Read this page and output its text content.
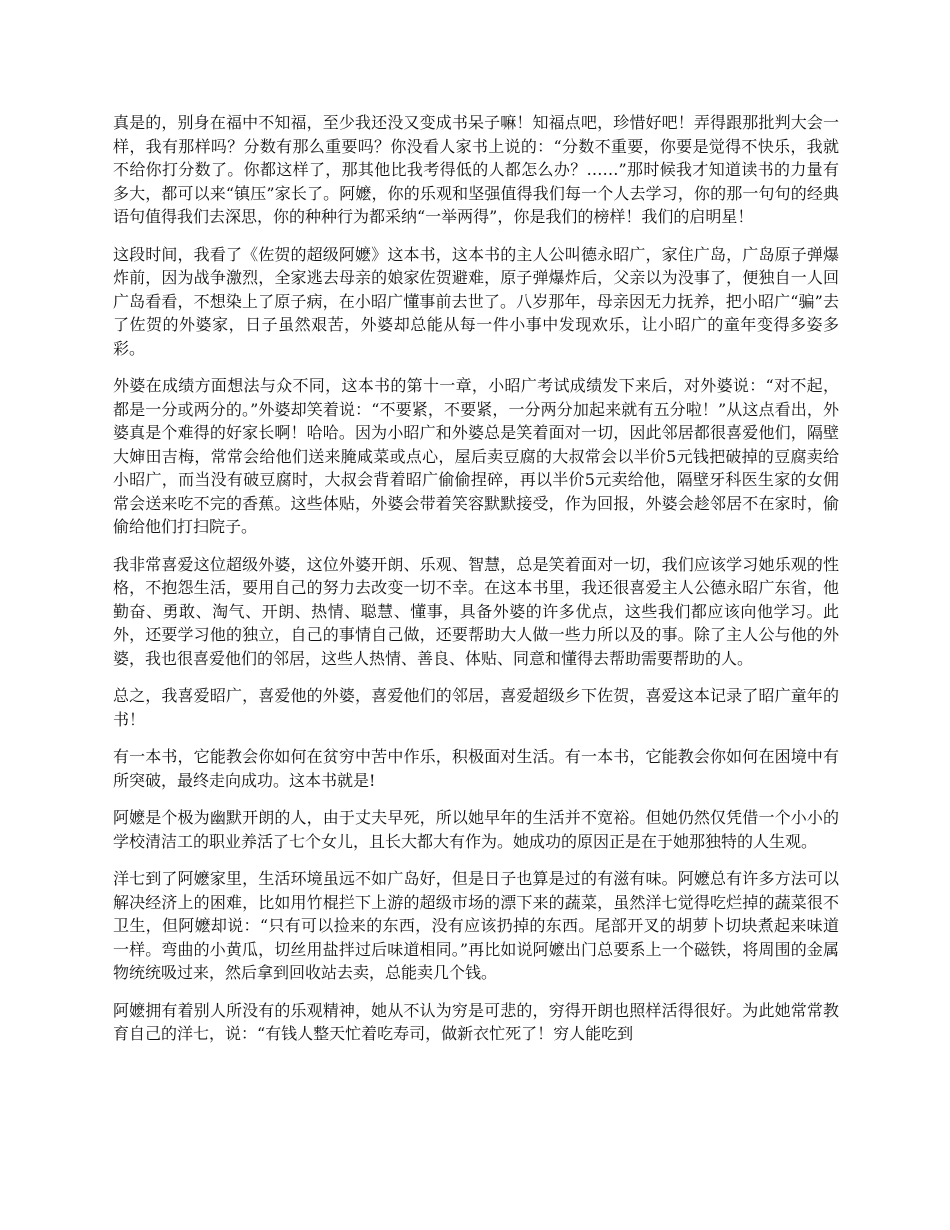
真是的，别身在福中不知福，至少我还没又变成书呆子嘛！知福点吧，珍惜好吧！弄得跟那批判大会一样，我有那样吗？分数有那么重要吗？你没看人家书上说的：“分数不重要，你要是觉得不快乐，我就不给你打分数了。你都这样了，那其他比我考得低的人都怎么办？……”那时候我才知道读书的力量有多大，都可以来“镇压”家长了。阿嬷，你的乐观和坚强值得我们每一个人去学习，你的那一句句的经典语句值得我们去深思，你的种种行为都采纳“一举两得”，你是我们的榜样！我们的启明星！

这段时间，我看了《佐贺的超级阿嬷》这本书，这本书的主人公叫德永昭广，家住广岛，广岛原子弹爆炸前，因为战争激烈，全家逃去母亲的娘家佐贺避难，原子弹爆炸后，父亲以为没事了，便独自一人回广岛看看，不想染上了原子病，在小昭广懂事前去世了。八岁那年，母亲因无力抚养，把小昭广“骗”去了佐贺的外婆家，日子虽然艰苦，外婆却总能从每一件小事中发现欢乐，让小昭广的童年变得多姿多彩。

外婆在成绩方面想法与众不同，这本书的第十一章，小昭广考试成绩发下来后，对外婆说：“对不起，都是一分或两分的。”外婆却笑着说：“不要紧，不要紧，一分两分加起来就有五分啦！”从这点看出，外婆真是个难得的好家长啊！哈哈。因为小昭广和外婆总是笑着面对一切，因此邻居都很喜爱他们，隔壁大婶田吉梅，常常会给他们送来腌咸菜或点心，屋后卖豆腐的大叔常会以半价5元钱把破掉的豆腐卖给小昭广，而当没有破豆腐时，大叔会背着昭广偷偷捏碎，再以半价5元卖给他，隔壁牙科医生家的女佣常会送来吃不完的香蕉。这些体贴，外婆会带着笑容默默接受，作为回报，外婆会趁邻居不在家时，偷偷给他们打扫院子。

我非常喜爱这位超级外婆，这位外婆开朗、乐观、智慧，总是笑着面对一切，我们应该学习她乐观的性格，不抱怨生活，要用自己的努力去改变一切不幸。在这本书里，我还很喜爱主人公德永昭广东省，他勤奋、勇敢、淘气、开朗、热情、聪慧、懂事，具备外婆的许多优点，这些我们都应该向他学习。此外，还要学习他的独立，自己的事情自己做，还要帮助大人做一些力所以及的事。除了主人公与他的外婆，我也很喜爱他们的邻居，这些人热情、善良、体贴、同意和懂得去帮助需要帮助的人。

总之，我喜爱昭广，喜爱他的外婆，喜爱他们的邻居，喜爱超级乡下佐贺，喜爱这本记录了昭广童年的书！

有一本书，它能教会你如何在贫穷中苦中作乐，积极面对生活。有一本书，它能教会你如何在困境中有所突破，最终走向成功。这本书就是!

阿嬷是个极为幽默开朗的人，由于丈夫早死，所以她早年的生活并不宽裕。但她仍然仅凭借一个小小的学校清洁工的职业养活了七个女儿，且长大都大有作为。她成功的原因正是在于她那独特的人生观。

洋七到了阿嬷家里，生活环境虽远不如广岛好，但是日子也算是过的有滋有味。阿嬷总有许多方法可以解决经济上的困难，比如用竹棍拦下上游的超级市场的漂下来的蔬菜，虽然洋七觉得吃烂掉的蔬菜很不卫生，但阿嬷却说：“只有可以捡来的东西，没有应该扔掉的东西。尾部开叉的胡萝卜切块煮起来味道一样。弯曲的小黄瓜，切丝用盐拌过后味道相同。”再比如说阿嬷出门总要系上一个磁铁，将周围的金属物统统吸过来，然后拿到回收站去卖，总能卖几个钱。

阿嬷拥有着别人所没有的乐观精神，她从不认为穷是可悲的，穷得开朗也照样活得很好。为此她常常教育自己的洋七，说：“有钱人整天忙着吃寿司，做新衣忙死了！穷人能吃到
